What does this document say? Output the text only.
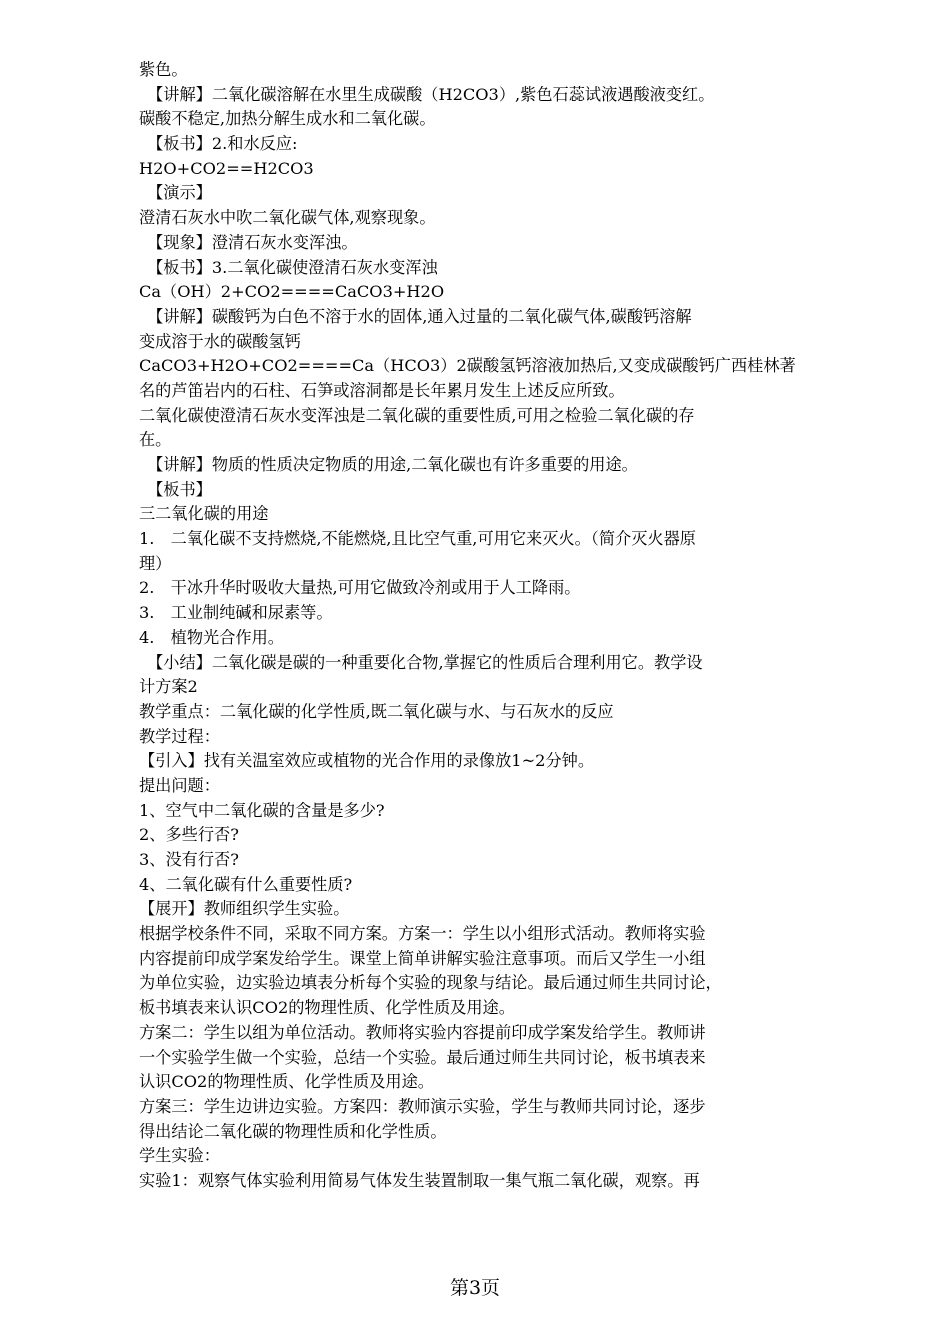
紫色。
　【讲解】二氧化碳溶解在水里生成碳酸（H2CO3）,紫色石蕊试液遇酸液变红。
碳酸不稳定,加热分解生成水和二氧化碳。
　【板书】2.和水反应:
H2O+CO2==H2CO3
　【演示】
澄清石灰水中吹二氧化碳气体,观察现象。
　【现象】澄清石灰水变浑浊。
　【板书】3.二氧化碳使澄清石灰水变浑浊
Ca（OH）2+CO2====CaCO3+H2O
　【讲解】碳酸钙为白色不溶于水的固体,通入过量的二氧化碳气体,碳酸钙溶解
变成溶于水的碳酸氢钙
CaCO3+H2O+CO2====Ca（HCO3）2碳酸氢钙溶液加热后,又变成碳酸钙广西桂林著
名的芦笛岩内的石柱、石笋或溶洞都是长年累月发生上述反应所致。
二氧化碳使澄清石灰水变浑浊是二氧化碳的重要性质,可用之检验二氧化碳的存
在。
　【讲解】物质的性质决定物质的用途,二氧化碳也有许多重要的用途。
　【板书】
三二氧化碳的用途
1.　二氧化碳不支持燃烧,不能燃烧,且比空气重,可用它来灭火。（简介灭火器原
理）
2.　干冰升华时吸收大量热,可用它做致冷剂或用于人工降雨。
3.　工业制纯碱和尿素等。
4.　植物光合作用。
　【小结】二氧化碳是碳的一种重要化合物,掌握它的性质后合理利用它。教学设
计方案2
教学重点：二氧化碳的化学性质,既二氧化碳与水、与石灰水的反应
教学过程：
【引入】找有关温室效应或植物的光合作用的录像放1~2分钟。
提出问题：
1、空气中二氧化碳的含量是多少?
2、多些行否?
3、没有行否?
4、二氧化碳有什么重要性质?
【展开】教师组织学生实验。
根据学校条件不同，采取不同方案。方案一：学生以小组形式活动。教师将实验
内容提前印成学案发给学生。课堂上简单讲解实验注意事项。而后又学生一小组
为单位实验，边实验边填表分析每个实验的现象与结论。最后通过师生共同讨论，
板书填表来认识CO2的物理性质、化学性质及用途。
方案二：学生以组为单位活动。教师将实验内容提前印成学案发给学生。教师讲
一个实验学生做一个实验，总结一个实验。最后通过师生共同讨论，板书填表来
认识CO2的物理性质、化学性质及用途。
方案三：学生边讲边实验。方案四：教师演示实验，学生与教师共同讨论，逐步
得出结论二氧化碳的物理性质和化学性质。
学生实验：
实验1：观察气体实验利用简易气体发生装置制取一集气瓶二氧化碳，观察。再
第3页
